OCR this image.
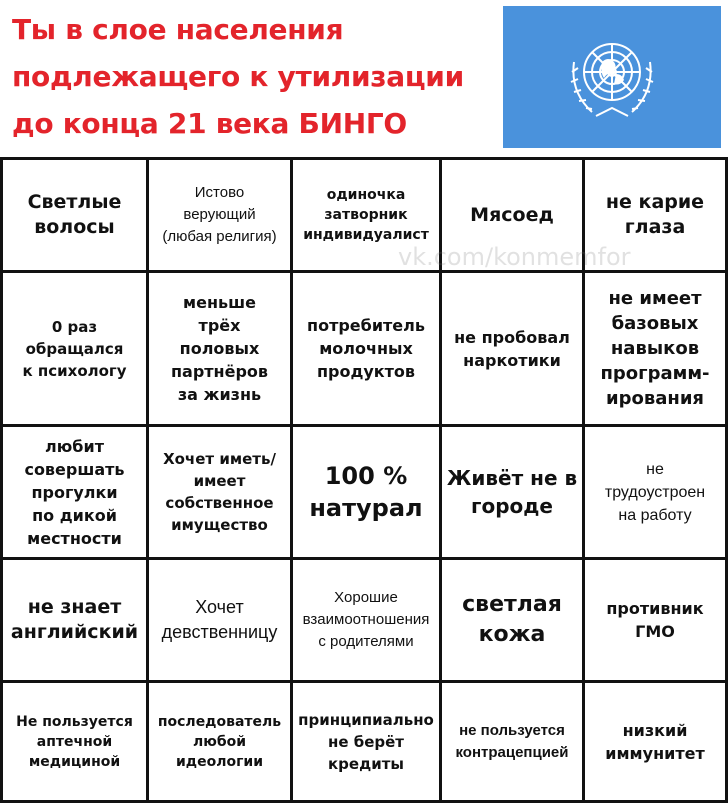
Ты в слое населения
подлежащего к утилизации
до конца 21 века БИНГО
Светлые
волосы
Истово
верующий
(любая религия)
одиночка
затворник
индивидуалист
Мясоед
не карие
глаза
0 раз
обращался
к психологу
меньше
трёх
половых
партнёров
за жизнь
потребитель
молочных
продуктов
не пробовал
наркотики
не имеет
базовых
навыков
программ-
ирования
любит
совершать
прогулки
по дикой
местности
Хочет иметь/
имеет
собственное
имущество
100 %
натурал
Живёт не в
городе
не
трудоустроен
на работу
не знает
английский
Хочет
девственницу
Хорошие
взаимоотношения
с родителями
светлая
кожа
противник
ГМО
Не пользуется
аптечной
медициной
последователь
любой
идеологии
принципиально
не берёт
кредиты
не пользуется
контрацепцией
низкий
иммунитет
vk.com/konmemfor
